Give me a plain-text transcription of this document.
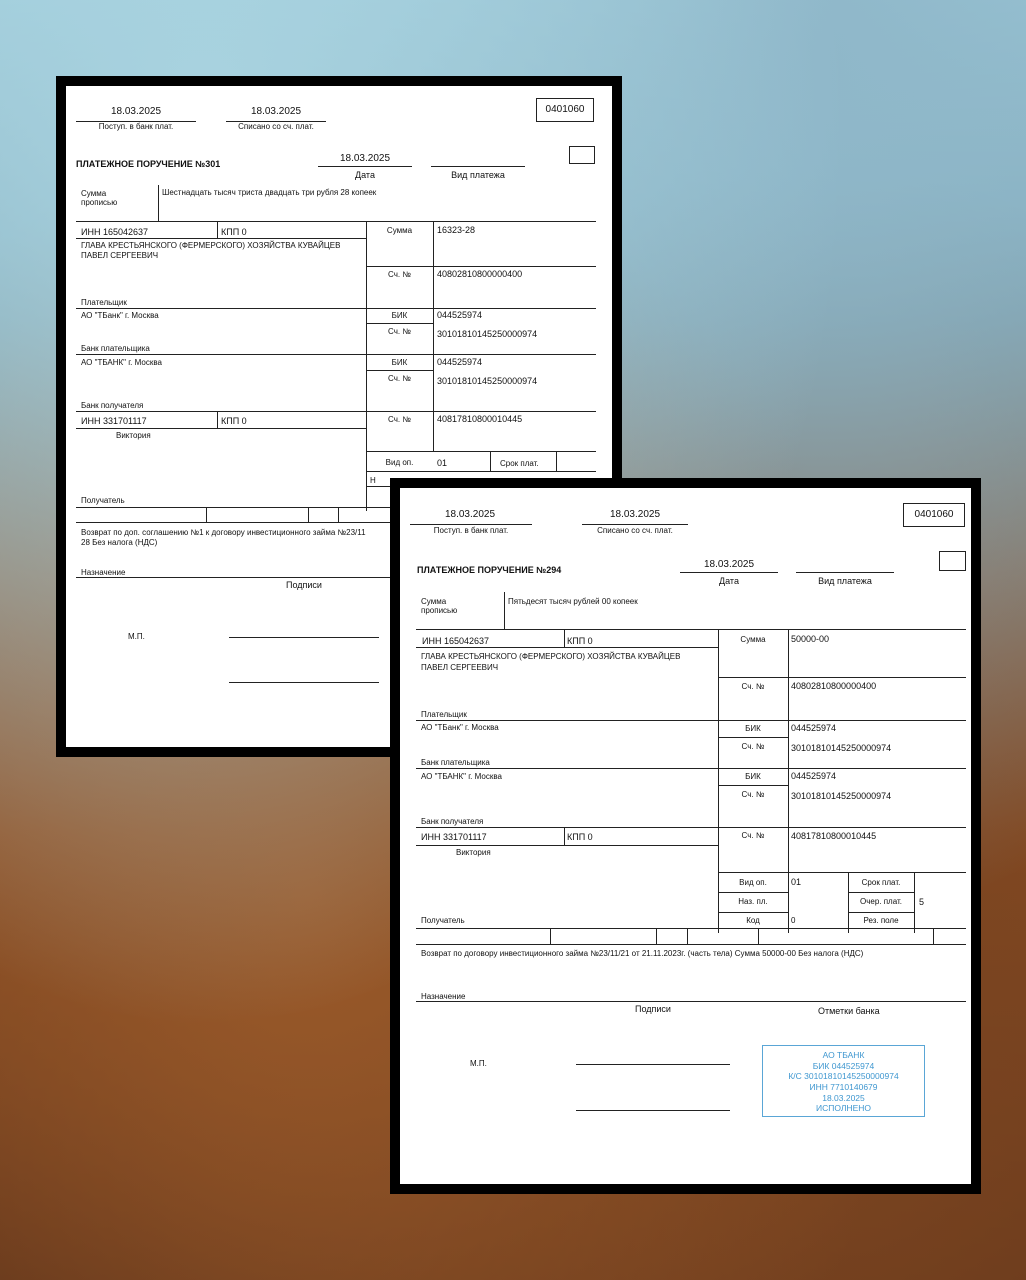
18.03.2025
Поступ. в банк плат.
18.03.2025
Списано со сч. плат.
0401060
ПЛАТЕЖНОЕ ПОРУЧЕНИЕ №301	18.03.2025
Дата	Вид платежа
Сумма
прописью
Шестнадцать тысяч триста двадцать три рубля 28 копеек
ИНН 165042637	КПП 0	Сумма	16323-28
ГЛАВА КРЕСТЬЯНСКОГО (ФЕРМЕРСКОГО) ХОЗЯЙСТВА КУВАЙЦЕВ
ПАВЕЛ СЕРГЕЕВИЧ
Сч. №	40802810800000400
Плательщик
АО "ТБанк" г. Москва	БИК	044525974
Сч. №	30101810145250000974
Банк плательщика
АО "ТБАНК" г. Москва	БИК	044525974
Сч. №	30101810145250000974
Банк получателя
ИНН 331701117	КПП 0	Сч. №	40817810800010445
Виктория
Вид оп.	01	Срок плат.
Н
Получатель
Возврат по доп. соглашению №1 к договору инвестиционного займа №23/11
28 Без налога (НДС)
Назначение
Подписи
М.П.
18.03.2025
Поступ. в банк плат.
18.03.2025
Списано со сч. плат.
0401060
ПЛАТЕЖНОЕ ПОРУЧЕНИЕ №294	18.03.2025
Дата	Вид платежа
Сумма
прописью
Пятьдесят тысяч рублей 00 копеек
ИНН 165042637	КПП 0	Сумма	50000-00
ГЛАВА КРЕСТЬЯНСКОГО (ФЕРМЕРСКОГО) ХОЗЯЙСТВА КУВАЙЦЕВ
ПАВЕЛ СЕРГЕЕВИЧ
Сч. №	40802810800000400
Плательщик
АО "ТБанк" г. Москва	БИК	044525974
Сч. №	30101810145250000974
Банк плательщика
АО "ТБАНК" г. Москва	БИК	044525974
Сч. №	30101810145250000974
Банк получателя
ИНН 331701117	КПП 0	Сч. №	40817810800010445
Виктория
Вид оп.	01	Срок плат.
Наз. пл.	Очер. плат.	5
Код	0	Рез. поле
Получатель
Возврат по договору инвестиционного займа №23/11/21 от 21.11.2023г. (часть тела) Сумма 50000-00 Без налога (НДС)
Назначение
Подписи	Отметки банка
М.П.
АО ТБАНК
БИК 044525974
К/С 30101810145250000974
ИНН 7710140679
18.03.2025
ИСПОЛНЕНО
